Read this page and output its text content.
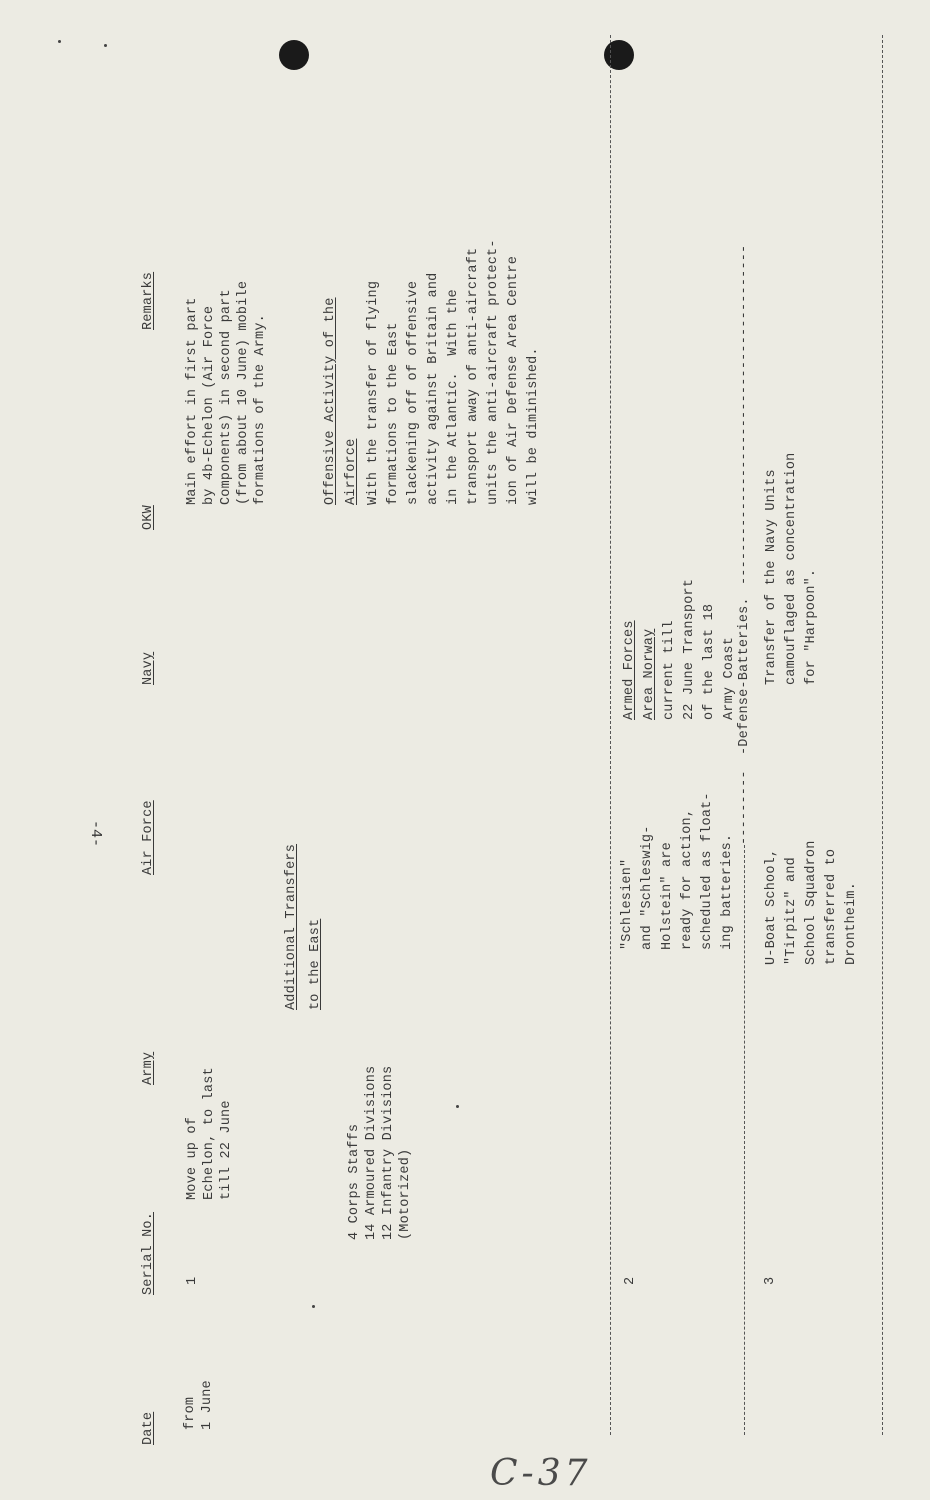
-4-
Date
Serial No.
Army
Air Force
Navy
OKW
Remarks
from
1 June
1
Move up of
Echelon, to last
till 22 June
Main effort in first part
by 4b-Echelon (Air Force
Components) in second part
(from about 10 June) mobile
formations of the Army.
Additional Transfers
to the East
4 Corps Staffs
14 Armoured Divisions
12 Infantry Divisions
(Motorized)
Offensive Activity of the
Airforce With the transfer of flying
formations to the East
slackening off of offensive
activity against Britain and
in the Atlantic.  With the
transport away of anti-aircraft
units the anti-aircraft protect-
ion of Air Defense Area Centre
will be diminished.
2
"Schlesien"
and "Schleswig-
Holstein" are
ready for action,
scheduled as float-
ing batteries.
Armed Forces
Area Norway
current till
22 June Transport
of the last 18
Army Coast
---------
-Defense-Batteries.
-----------------------------------------
3
U-Boat School,
"Tirpitz" and
School Squadron
transferred to
Drontheim.
Transfer of the Navy Units
camouflaged as concentration
for "Harpoon".
C-37
